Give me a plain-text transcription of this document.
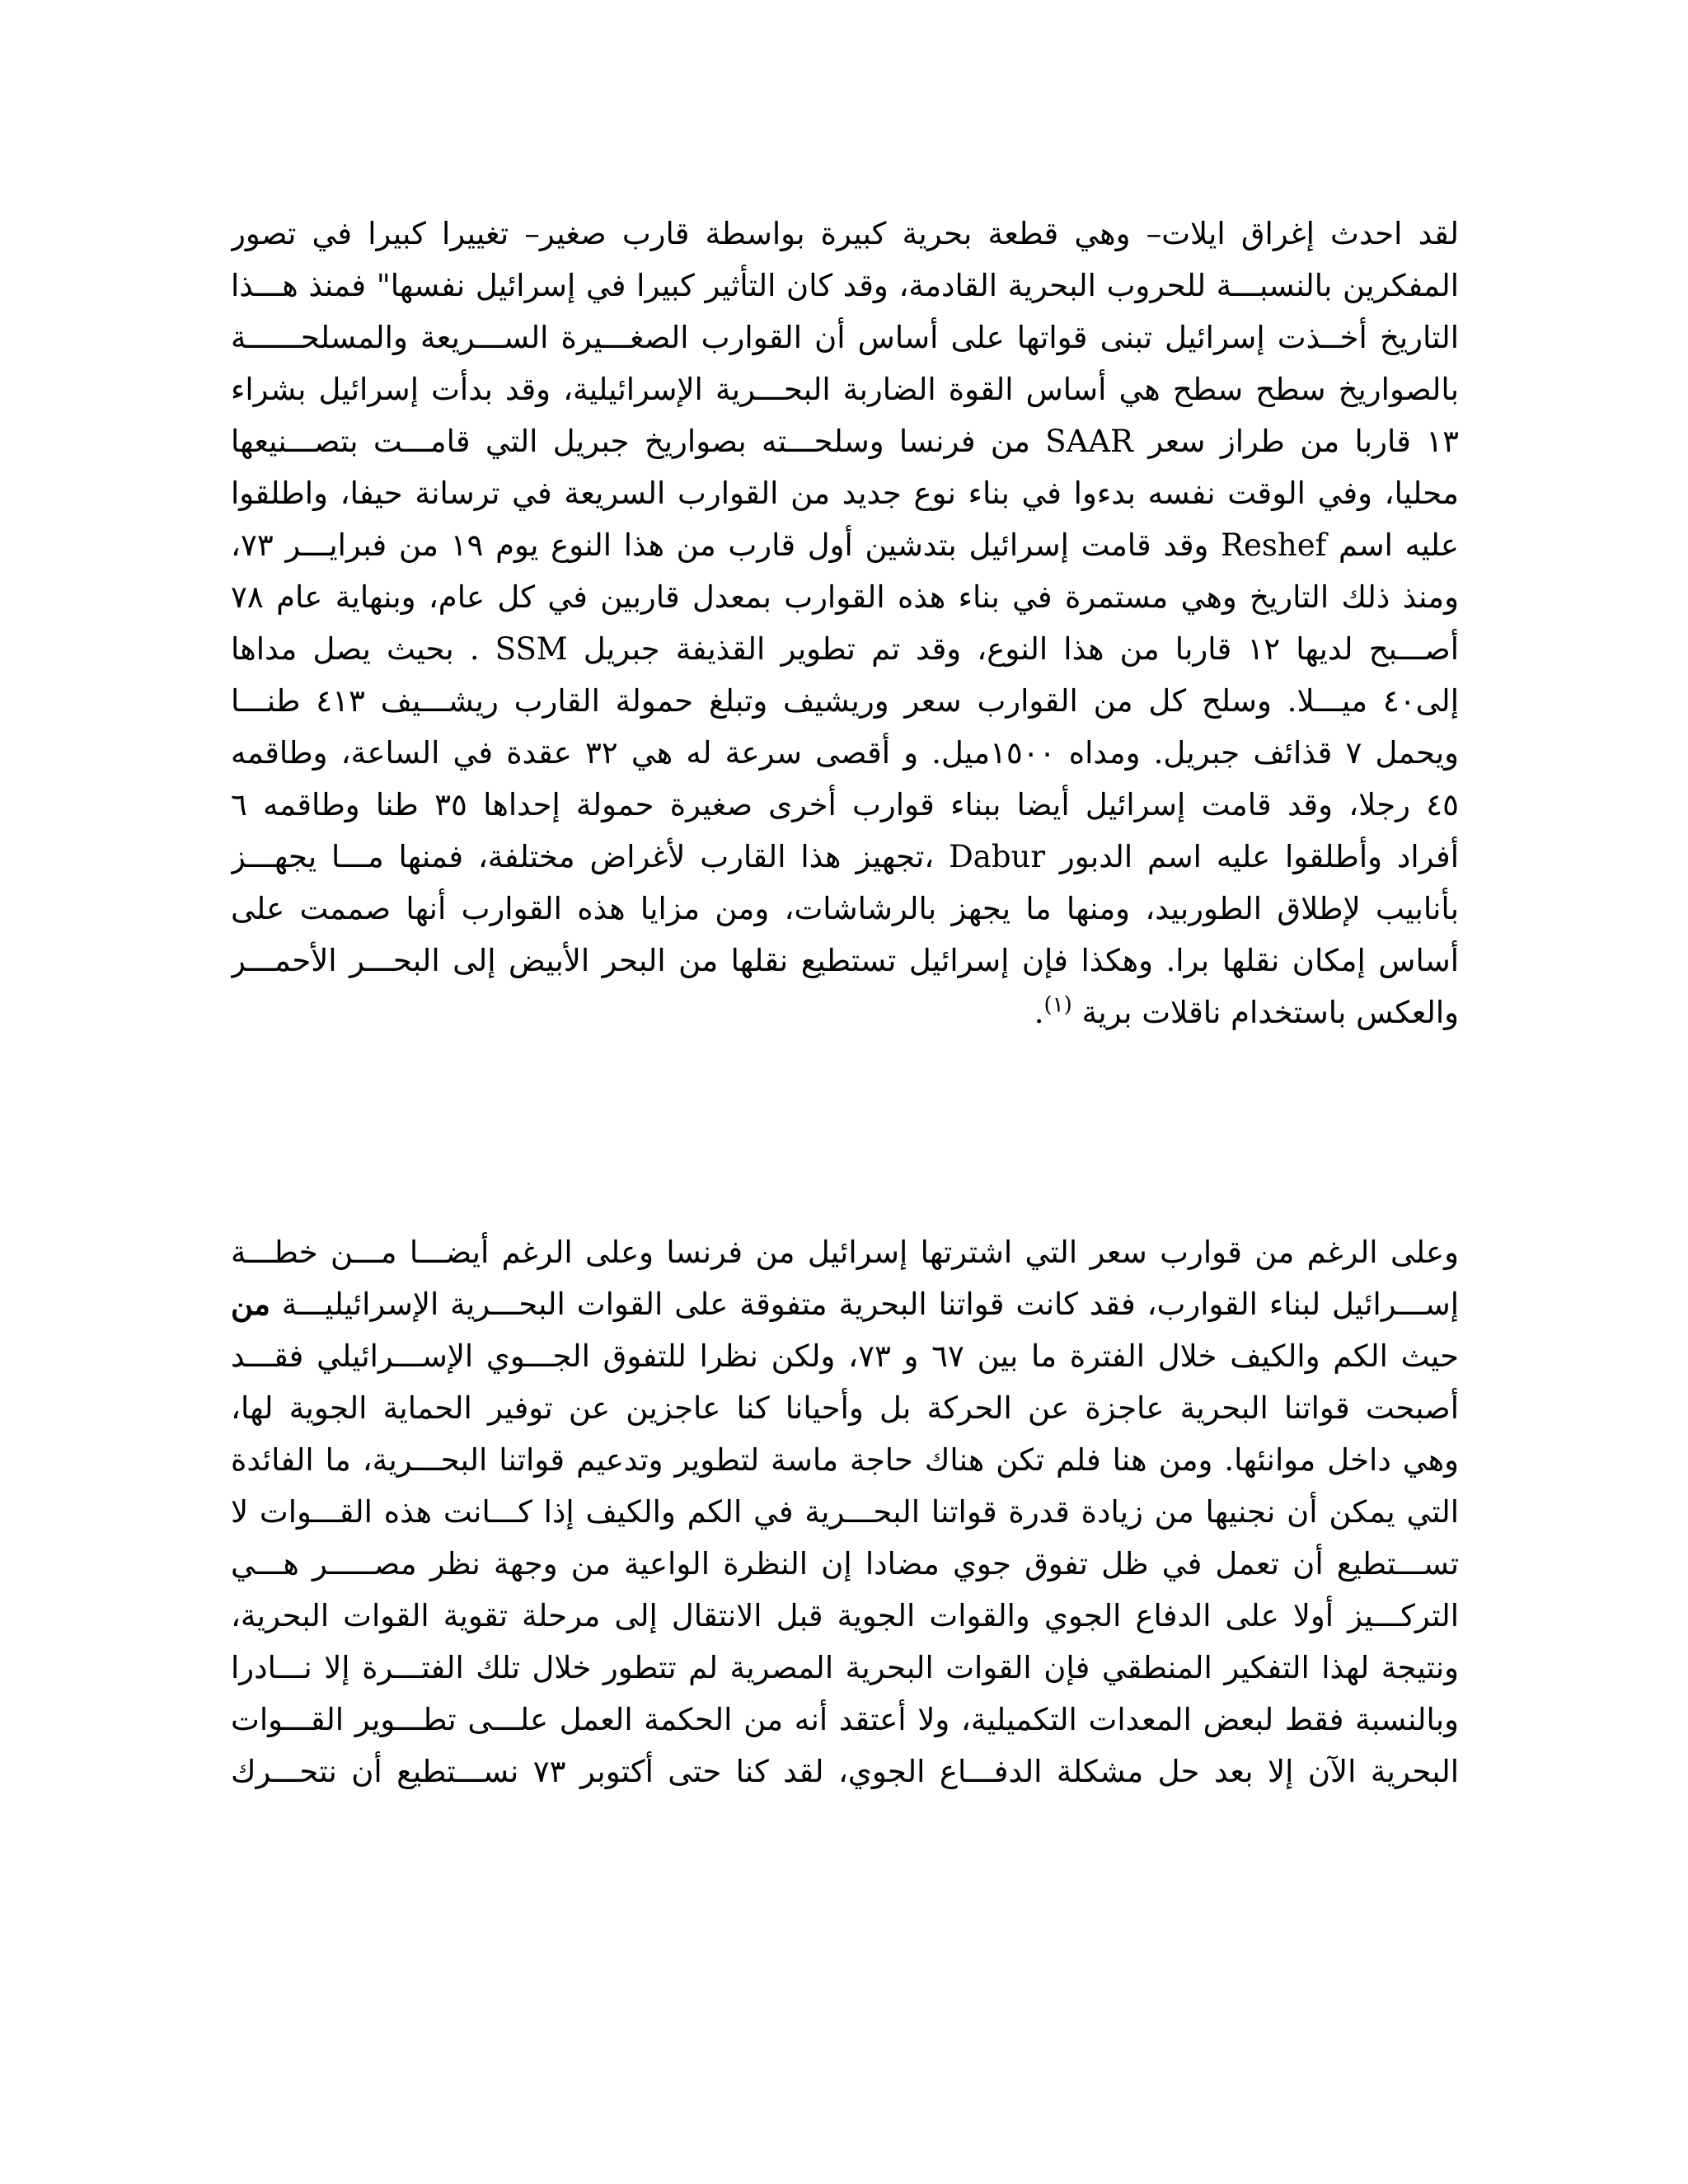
لقد احدث إغراق ايلات– وهي قطعة بحرية كبيرة بواسطة قارب صغير– تغييرا كبيرا في تصور
المفكرين بالنسبـــة للحروب البحرية القادمة، وقد كان التأثير كبيرا في إسرائيل نفسها" فمنذ هـــذا
التاريخ أخــذت إسرائيل تبنى قواتها على أساس أن القوارب الصغـــيرة الســـريعة والمسلحــــــة
بالصواريخ سطح سطح هي أساس القوة الضاربة البحـــرية الإسرائيلية، وقد بدأت إسرائيل بشراء
١٣ قاربا من طراز سعر SAAR من فرنسا وسلحـــته بصواريخ جبريل التي قامـــت بتصـــنيعها
محليا، وفي الوقت نفسه بدءوا في بناء نوع جديد من القوارب السريعة في ترسانة حيفا، واطلقوا
عليه اسم Reshef وقد قامت إسرائيل بتدشين أول قارب من هذا النوع يوم ١٩ من فبرايـــر ٧٣،
ومنذ ذلك التاريخ وهي مستمرة في بناء هذه القوارب بمعدل قاربين في كل عام، وبنهاية عام ٧٨
أصـــبح لديها ١٢ قاربا من هذا النوع، وقد تم تطوير القذيفة جبريل SSM . بحيث يصل مداها
إلى٤٠ ميـــلا. وسلح كل من القوارب سعر وريشيف وتبلغ حمولة القارب ريشـــيف ٤١٣ طنـــا
ويحمل ٧ قذائف جبريل. ومداه ١٥٠٠ميل. و أقصى سرعة له هي ٣٢ عقدة في الساعة، وطاقمه
٤٥ رجلا، وقد قامت إسرائيل أيضا ببناء قوارب أخرى صغيرة حمولة إحداها ٣٥ طنا وطاقمه ٦
أفراد وأطلقوا عليه اسم الدبور Dabur ،تجهيز هذا القارب لأغراض مختلفة، فمنها مـــا يجهـــز
بأنابيب لإطلاق الطوربيد، ومنها ما يجهز بالرشاشات، ومن مزايا هذه القوارب أنها صممت على
أساس إمكان نقلها برا. وهكذا فإن إسرائيل تستطيع نقلها من البحر الأبيض إلى البحـــر الأحمـــر
والعكس باستخدام ناقلات برية $^{(١)}$.
وعلى الرغم من قوارب سعر التي اشترتها إسرائيل من فرنسا وعلى الرغم أيضـــا مـــن خطـــة
إســـرائيل لبناء القوارب، فقد كانت قواتنا البحرية متفوقة على القوات البحـــرية الإسرائيليـــة من
حيث الكم والكيف خلال الفترة ما بين ٦٧ و ٧٣، ولكن نظرا للتفوق الجـــوي الإســـرائيلي فقـــد
أصبحت قواتنا البحرية عاجزة عن الحركة بل وأحيانا كنا عاجزين عن توفير الحماية الجوية لها،
وهي داخل موانئها. ومن هنا فلم تكن هناك حاجة ماسة لتطوير وتدعيم قواتنا البحـــرية، ما الفائدة
التي يمكن أن نجنيها من زيادة قدرة قواتنا البحـــرية في الكم والكيف إذا كـــانت هذه القـــوات لا
تســـتطيع أن تعمل في ظل تفوق جوي مضادا إن النظرة الواعية من وجهة نظر مصـــــر هـــي
التركـــيز أولا على الدفاع الجوي والقوات الجوية قبل الانتقال إلى مرحلة تقوية القوات البحرية،
ونتيجة لهذا التفكير المنطقي فإن القوات البحرية المصرية لم تتطور خلال تلك الفتـــرة إلا نـــادرا
وبالنسبة فقط لبعض المعدات التكميلية، ولا أعتقد أنه من الحكمة العمل علـــى تطـــوير القـــوات
البحرية الآن إلا بعد حل مشكلة الدفـــاع الجوي، لقد كنا حتى أكتوبر ٧٣ نســـتطيع أن نتحـــرك
